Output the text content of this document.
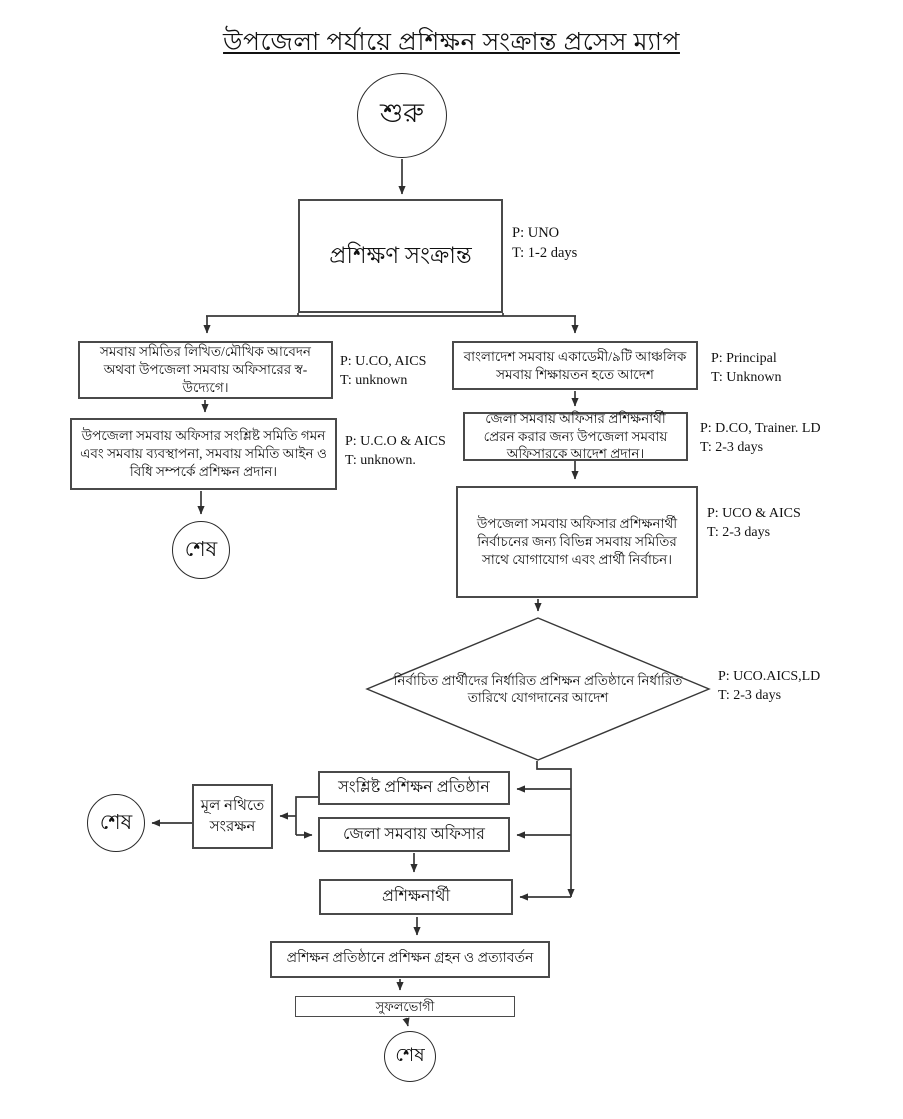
উপজেলা পর্যায়ে প্রশিক্ষন সংক্রান্ত প্রসেস ম্যাপ
শুরু
প্রশিক্ষণ সংক্রান্ত
P: UNO
T: 1-2 days
সমবায় সমিতির লিখিত/মৌখিক আবেদন অথবা উপজেলা সমবায় অফিসারের স্ব-উদ্যেগে।
P: U.CO, AICS
T: unknown
উপজেলা সমবায় অফিসার সংশ্লিষ্ট সমিতি গমন এবং সমবায় ব্যবস্থাপনা, সমবায় সমিতি আইন ও বিধি সম্পর্কে প্রশিক্ষন প্রদান।
P: U.C.O & AICS
T: unknown.
শেষ
বাংলাদেশ সমবায় একাডেমী/৯টি আঞ্চলিক সমবায় শিক্ষায়তন হতে আদেশ
P: Principal
T: Unknown
জেলা সমবায় অফিসার প্রশিক্ষনার্থী প্রেরন করার জন্য উপজেলা সমবায় অফিসারকে আদেশ প্রদান।
P: D.CO, Trainer. LD
T: 2-3 days
উপজেলা সমবায় অফিসার প্রশিক্ষনার্থী নির্বাচনের জন্য বিভিন্ন সমবায় সমিতির সাথে যোগাযোগ এবং প্রার্থী নির্বাচন।
P: UCO & AICS
T: 2-3 days
নির্বাচিত প্রার্থীদের নির্ধারিত প্রশিক্ষন প্রতিষ্ঠানে নির্ধারিত তারিখে যোগদানের আদেশ
P: UCO.AICS,LD
T: 2-3 days
সংশ্লিষ্ট প্রশিক্ষন প্রতিষ্ঠান
জেলা সমবায় অফিসার
মূল নথিতে সংরক্ষন
শেষ
প্রশিক্ষনার্থী
প্রশিক্ষন প্রতিষ্ঠানে প্রশিক্ষন গ্রহন ও প্রত্যাবর্তন
সুফলভোগী
শেষ
